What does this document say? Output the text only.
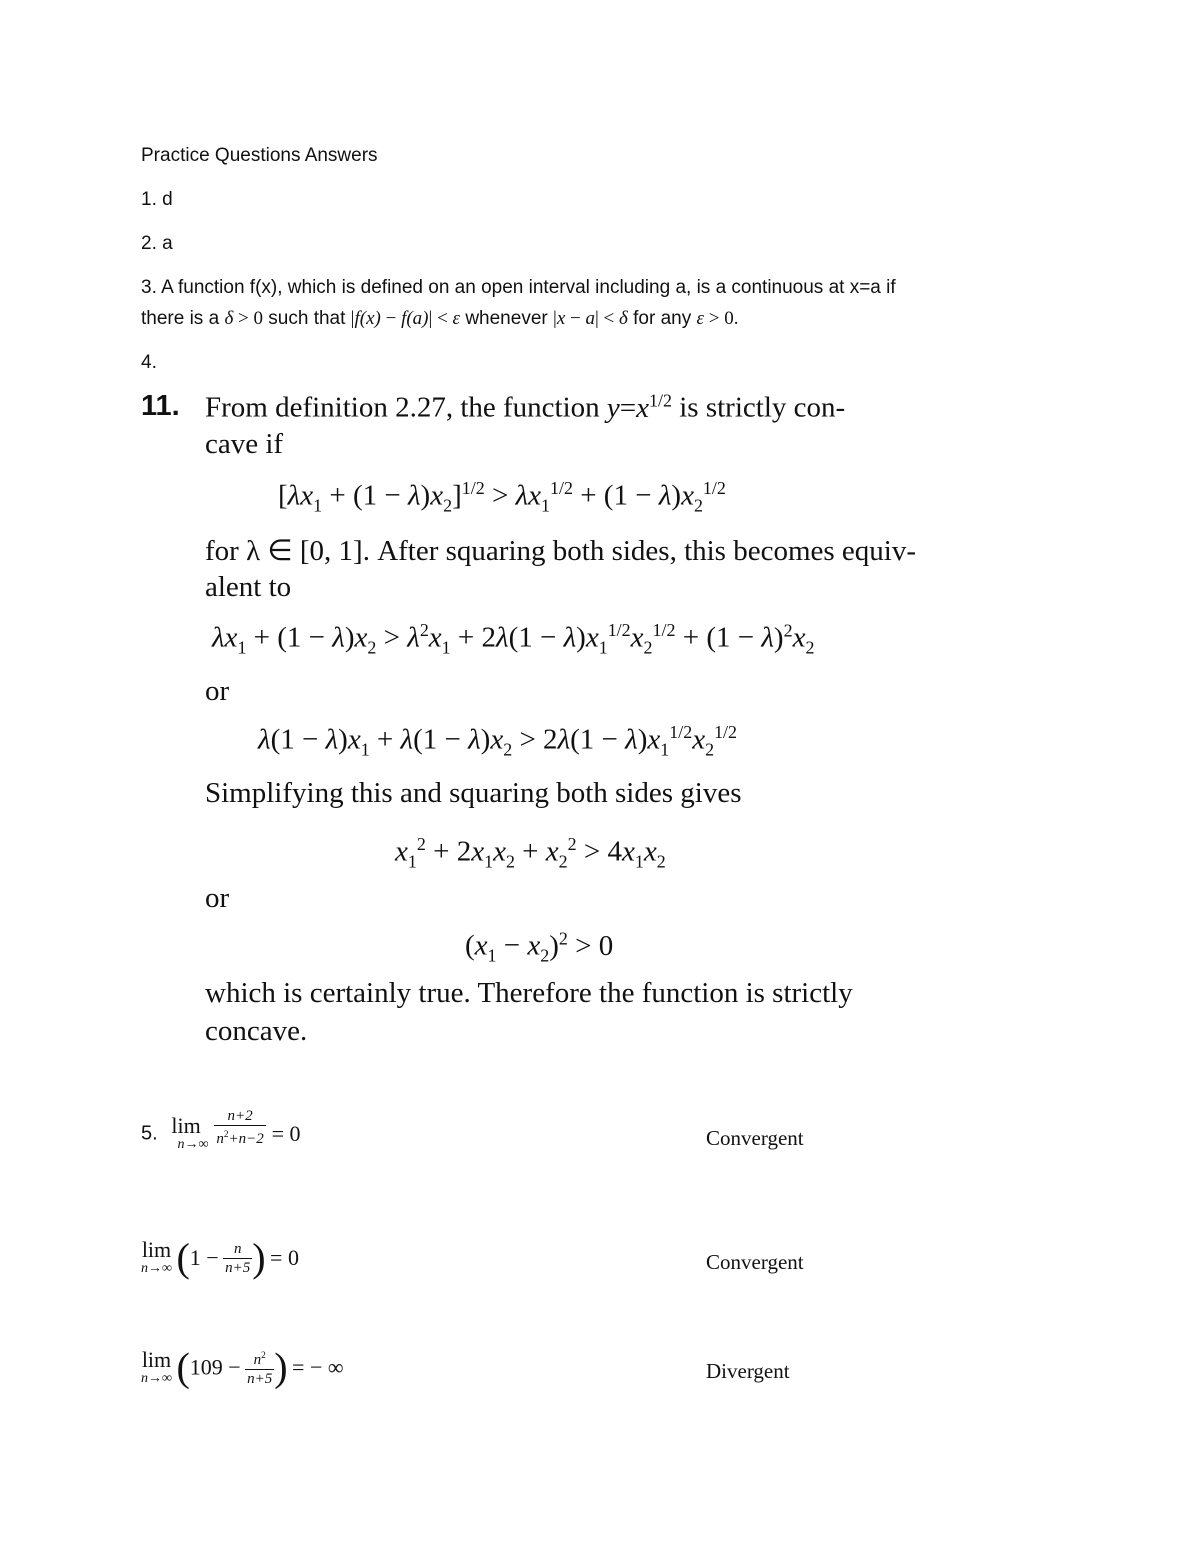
Practice Questions Answers
1. d
2. a
3. A function f(x), which is defined on an open interval including a, is a continuous at x=a if
there is a δ > 0 such that |f(x) − f(a)| < ε whenever |x − a| < δ for any ε > 0.
4.
11. From definition 2.27, the function $y=x^{1/2}$ is strictly con-
cave if
$[\lambda x_1 + (1 - \lambda)x_2]^{1/2} > \lambda x_1^{1/2} + (1 - \lambda)x_2^{1/2}$
for λ ∈ [0, 1]. After squaring both sides, this becomes equiv-
alent to
$\lambda x_1 + (1 - \lambda)x_2 > \lambda^2x_1 + 2\lambda(1 - \lambda)x_1^{1/2}x_2^{1/2} + (1 - \lambda)^2x_2$
or
$\lambda(1 - \lambda)x_1 + \lambda(1 - \lambda)x_2 > 2\lambda(1 - \lambda)x_1^{1/2}x_2^{1/2}$
Simplifying this and squaring both sides gives
$x_1^2 + 2x_1x_2 + x_2^2 > 4x_1x_2$
or
$(x_1 - x_2)^2 > 0$
which is certainly true. Therefore the function is strictly
concave.
5. lim
n→∞
$\frac{n+2}{n^2+n-2} = 0$	Convergent
lim
n→∞ ($1 - \frac{n}{n+5}$ ) = 0	Convergent
lim
n→∞ ($109 - \frac{n^2}{n+5}$ ) = − ∞	Divergent
